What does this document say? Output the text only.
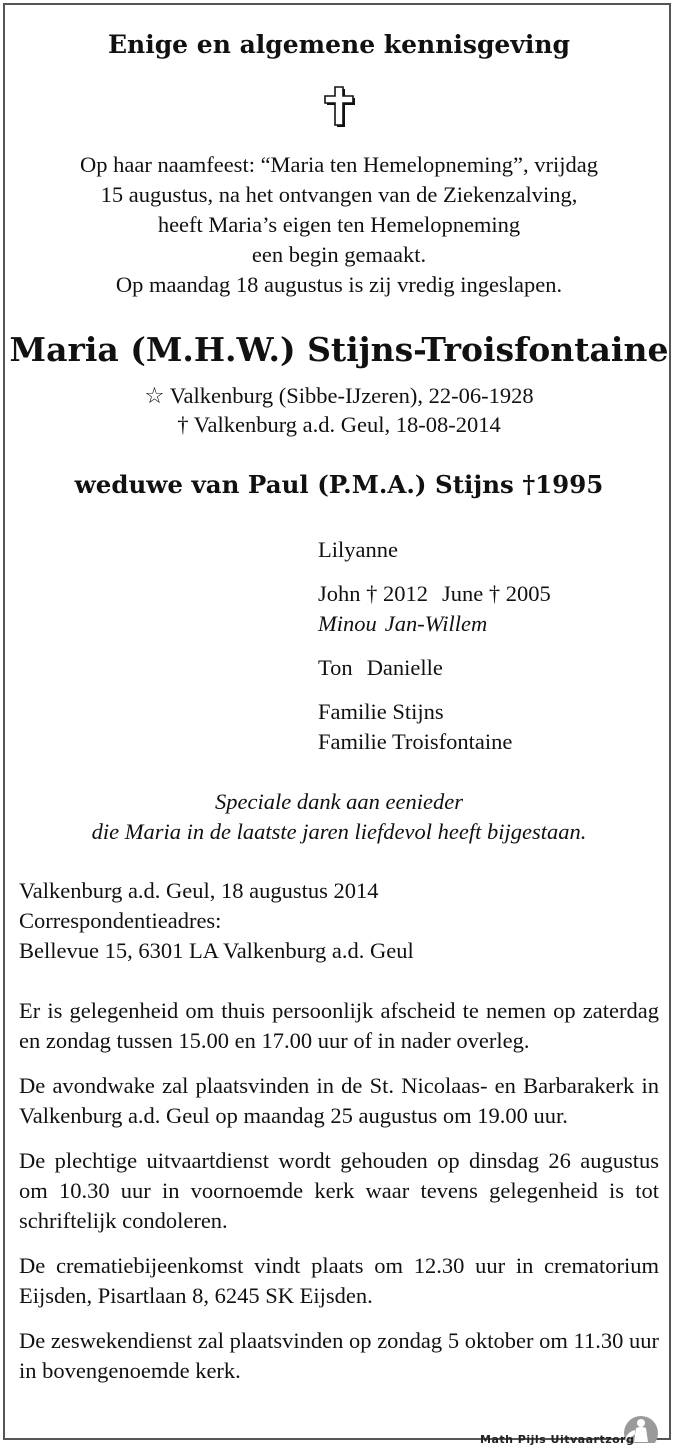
Enige en algemene kennisgeving
Op haar naamfeest: “Maria ten Hemelopneming”, vrijdag
15 augustus, na het ontvangen van de Ziekenzalving,
heeft Maria’s eigen ten Hemelopneming
een begin gemaakt.
Op maandag 18 augustus is zij vredig ingeslapen.
Maria (M.H.W.) Stijns-Troisfontaine
☆ Valkenburg (Sibbe-IJzeren), 22-06-1928
† Valkenburg a.d. Geul, 18-08-2014
weduwe van Paul (P.M.A.) Stijns †1995
Lilyanne
John † 2012 June † 2005
Minou Jan-Willem
Ton Danielle
Familie Stijns
Familie Troisfontaine
Speciale dank aan eenieder
die Maria in de laatste jaren liefdevol heeft bijgestaan.
Valkenburg a.d. Geul, 18 augustus 2014
Correspondentieadres:
Bellevue 15, 6301 LA Valkenburg a.d. Geul
Er is gelegenheid om thuis persoonlijk afscheid te nemen op zaterdag en zondag tussen 15.00 en 17.00 uur of in nader overleg.
De avondwake zal plaatsvinden in de St. Nicolaas- en Barbarakerk in Valkenburg a.d. Geul op maandag 25 augustus om 19.00 uur.
De plechtige uitvaartdienst wordt gehouden op dinsdag 26 augustus om 10.30 uur in voornoemde kerk waar tevens gelegenheid is tot schriftelijk condoleren.
De crematiebijeenkomst vindt plaats om 12.30 uur in crematorium Eijsden, Pisartlaan 8, 6245 SK Eijsden.
De zeswekendienst zal plaatsvinden op zondag 5 oktober om 11.30 uur in bovengenoemde kerk.
Math Pijls Uitvaartzorg
